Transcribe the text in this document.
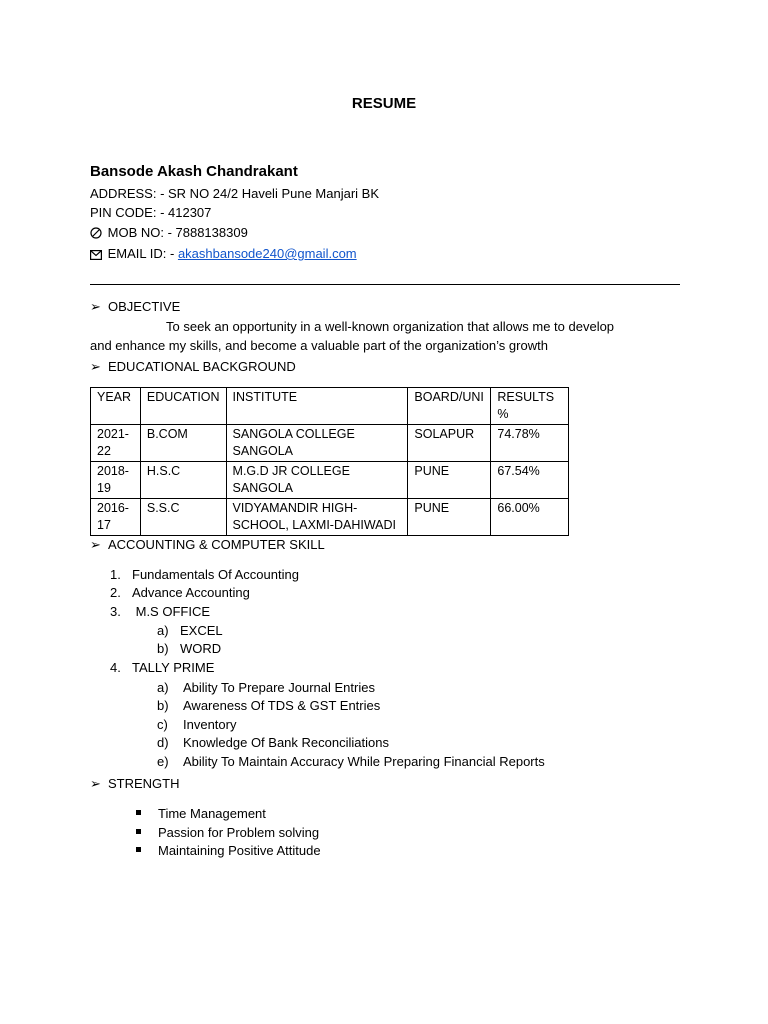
RESUME
Bansode Akash Chandrakant
ADDRESS: - SR NO 24/2 Haveli Pune Manjari BK
PIN CODE: - 412307
MOB NO: - 7888138309
EMAIL ID: - akashbansode240@gmail.com
➢ OBJECTIVE
To seek an opportunity in a well-known organization that allows me to develop
and enhance my skills, and become a valuable part of the organization’s growth
➢ EDUCATIONAL BACKGROUND
YEAR	EDUCATION	INSTITUTE	BOARD/UNI	RESULTS %
2021-
22	B.COM	SANGOLA COLLEGE SANGOLA	SOLAPUR	74.78%
2018-
19	H.S.C	M.G.D JR COLLEGE SANGOLA	PUNE	67.54%
2016-
17	S.S.C	VIDYAMANDIR HIGH-
SCHOOL, LAXMI-DAHIWADI	PUNE	66.00%
➢ ACCOUNTING & COMPUTER SKILL
1. Fundamentals Of Accounting
2. Advance Accounting
3. M.S OFFICE
a) EXCEL
b) WORD
4. TALLY PRIME
a) Ability To Prepare Journal Entries
b) Awareness Of TDS & GST Entries
c) Inventory
d) Knowledge Of Bank Reconciliations
e) Ability To Maintain Accuracy While Preparing Financial Reports
➢ STRENGTH
Time Management
Passion for Problem solving
Maintaining Positive Attitude
